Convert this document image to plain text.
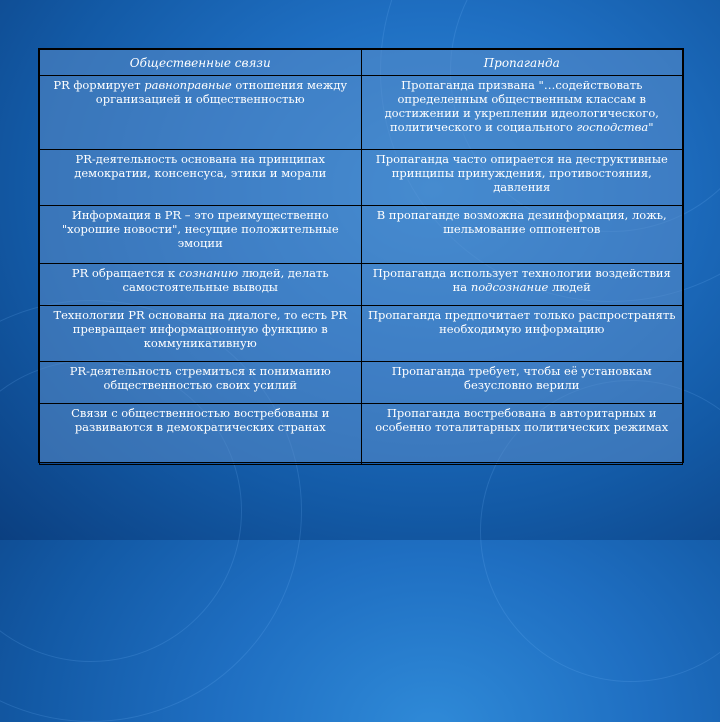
Общественные связи	Пропаганда
PR формирует равноправные отношения между организацией и общественностью	Пропаганда призвана "…содействовать определенным общественным классам в достижении и укреплении идеологического, политического и социального господства"
PR-деятельность основана на принципах демократии, консенсуса, этики и морали	Пропаганда часто опирается на деструктивные принципы принуждения, противостояния, давления
Информация в PR – это преимущественно "хорошие новости", несущие положительные эмоции	В пропаганде возможна дезинформация, ложь, шельмование оппонентов
PR обращается к сознанию людей, делать самостоятельные выводы	Пропаганда использует технологии воздействия на подсознание людей
Технологии PR основаны на диалоге, то есть PR превращает информационную функцию в коммуникативную	Пропаганда предпочитает только распространять необходимую информацию
PR-деятельность стремиться к пониманию общественностью своих усилий	Пропаганда требует, чтобы её установкам безусловно верили
Связи с общественностью востребованы и развиваются в демократических странах	Пропаганда востребована в авторитарных и особенно тоталитарных политических режимах
